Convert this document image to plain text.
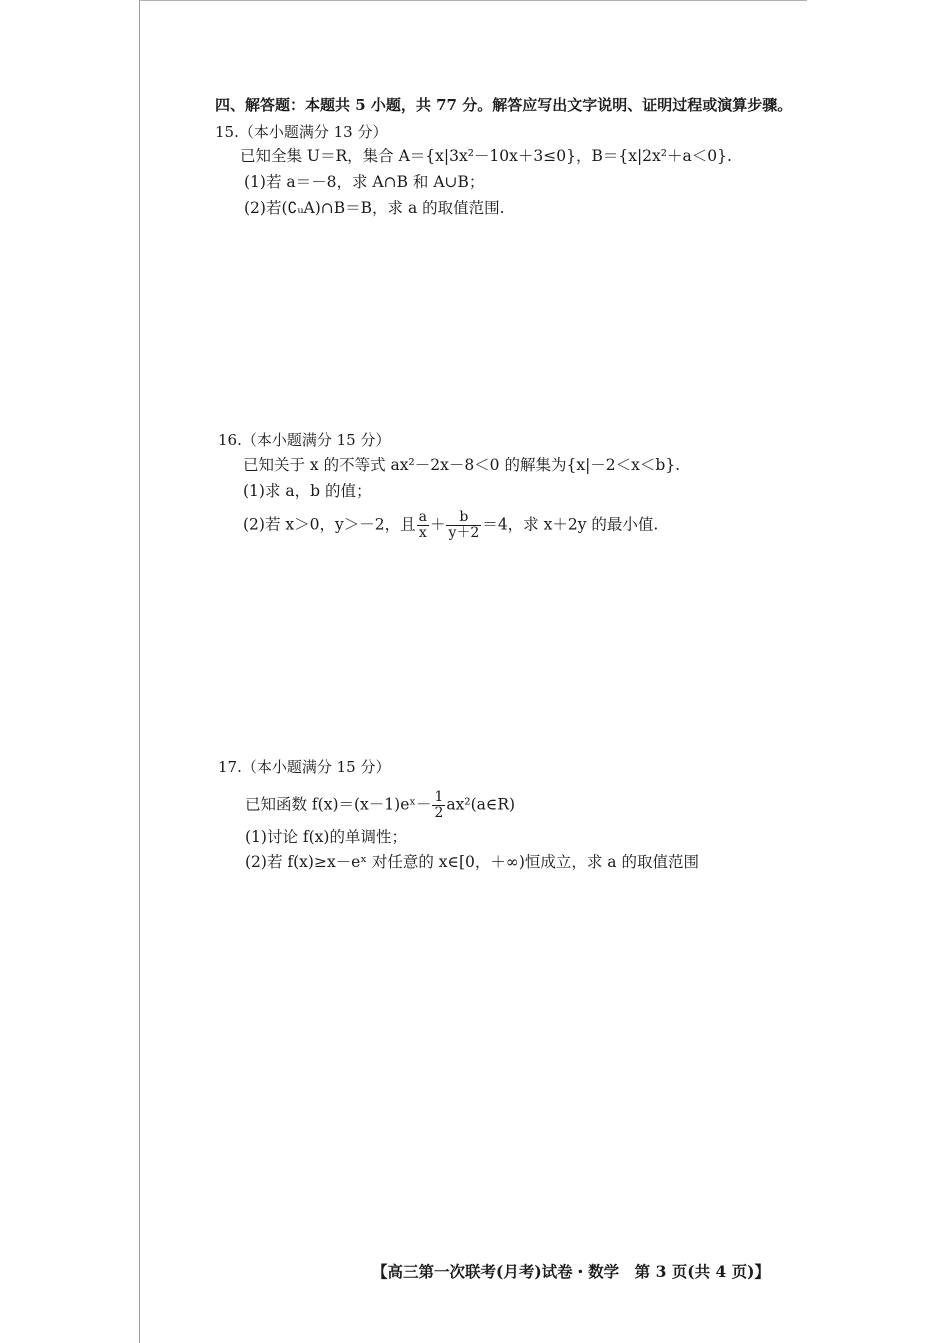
四、解答题：本题共 5 小题，共 77 分。解答应写出文字说明、证明过程或演算步骤。
15.（本小题满分 13 分）
已知全集 U＝R，集合 A＝{x|3x²－10x＋3≤0}，B＝{x|2x²＋a＜0}.
(1)若 a＝－8，求 A∩B 和 A∪B；
(2)若(∁ᵤA)∩B＝B，求 a 的取值范围.
16.（本小题满分 15 分）
已知关于 x 的不等式 ax²－2x－8＜0 的解集为{x|－2＜x＜b}.
(1)求 a，b 的值；
(2)若 x＞0，y＞－2，且 $\frac{a}{x} + \frac{b}{y+2} =4$，求 x＋2y 的最小值.
17.（本小题满分 15 分）
已知函数 f(x)＝(x－1)eˣ－ $\frac{1}{2}$ ax²(a∈R)
(1)讨论 f(x)的单调性；
(2)若 f(x)≥x－eˣ 对任意的 x∈[0，＋∞)恒成立，求 a 的取值范围
【高三第一次联考(月考)试卷・数学　第 3 页(共 4 页)】
